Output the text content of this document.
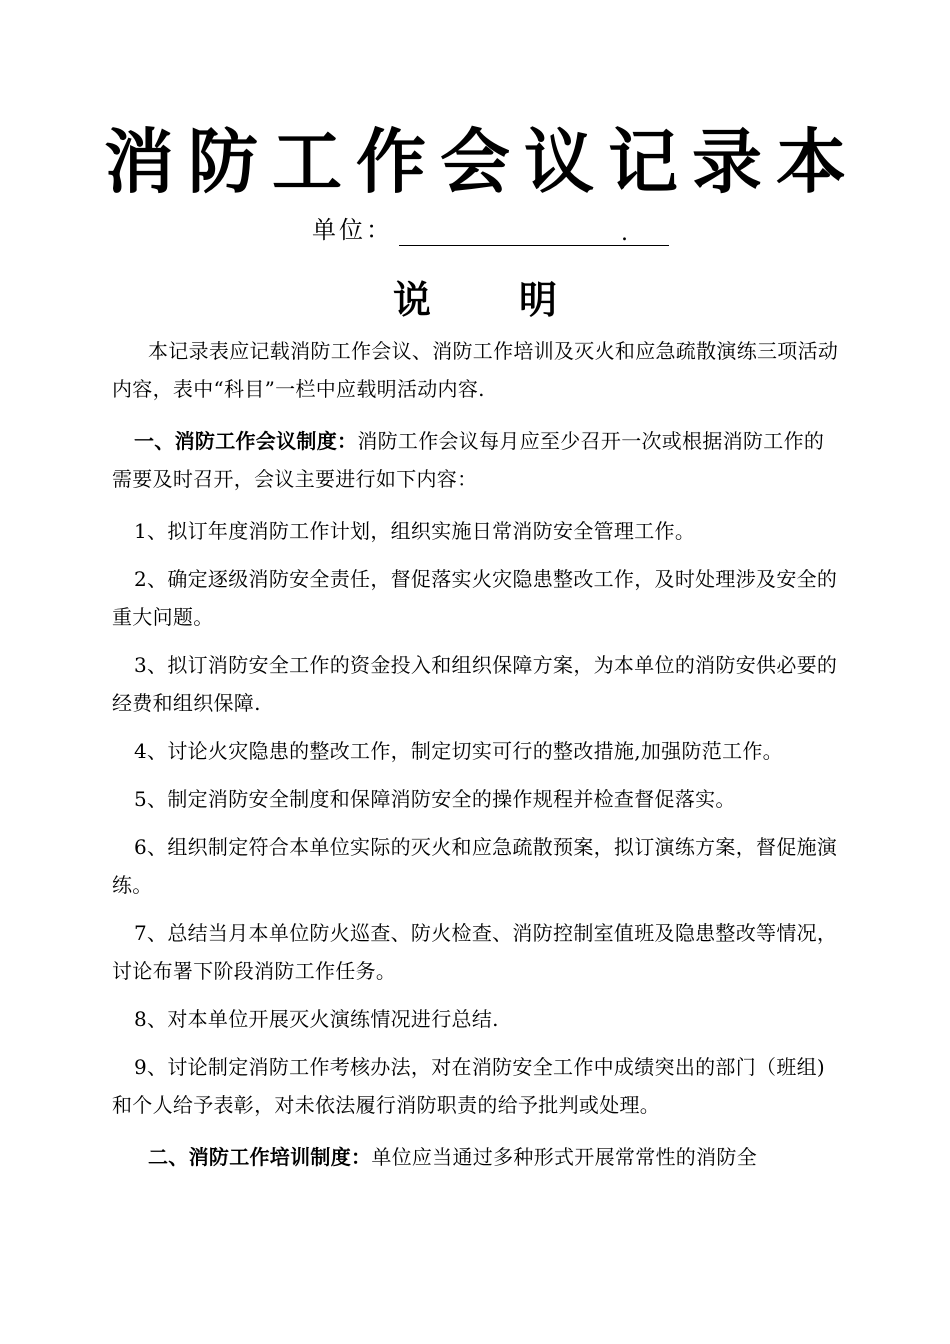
消防工作会议记录本
单位：	.
说 明

本记录表应记载消防工作会议、消防工作培训及灭火和应急疏散演练三项活动内容，表中“科目”一栏中应载明活动内容.

一、消防工作会议制度：消防工作会议每月应至少召开一次或根据消防工作的需要及时召开，会议主要进行如下内容：

1、拟订年度消防工作计划，组织实施日常消防安全管理工作。

2、确定逐级消防安全责任，督促落实火灾隐患整改工作，及时处理涉及安全的重大问题。

3、拟订消防安全工作的资金投入和组织保障方案，为本单位的消防安供必要的经费和组织保障.

4、讨论火灾隐患的整改工作，制定切实可行的整改措施,加强防范工作。

5、制定消防安全制度和保障消防安全的操作规程并检查督促落实。

6、组织制定符合本单位实际的灭火和应急疏散预案，拟订演练方案，督促施演练。

7、总结当月本单位防火巡查、防火检查、消防控制室值班及隐患整改等情况，讨论布署下阶段消防工作任务。

8、对本单位开展灭火演练情况进行总结.

9、讨论制定消防工作考核办法，对在消防安全工作中成绩突出的部门（班组)和个人给予表彰，对未依法履行消防职责的给予批判或处理。

二、消防工作培训制度：单位应当通过多种形式开展常常性的消防全
